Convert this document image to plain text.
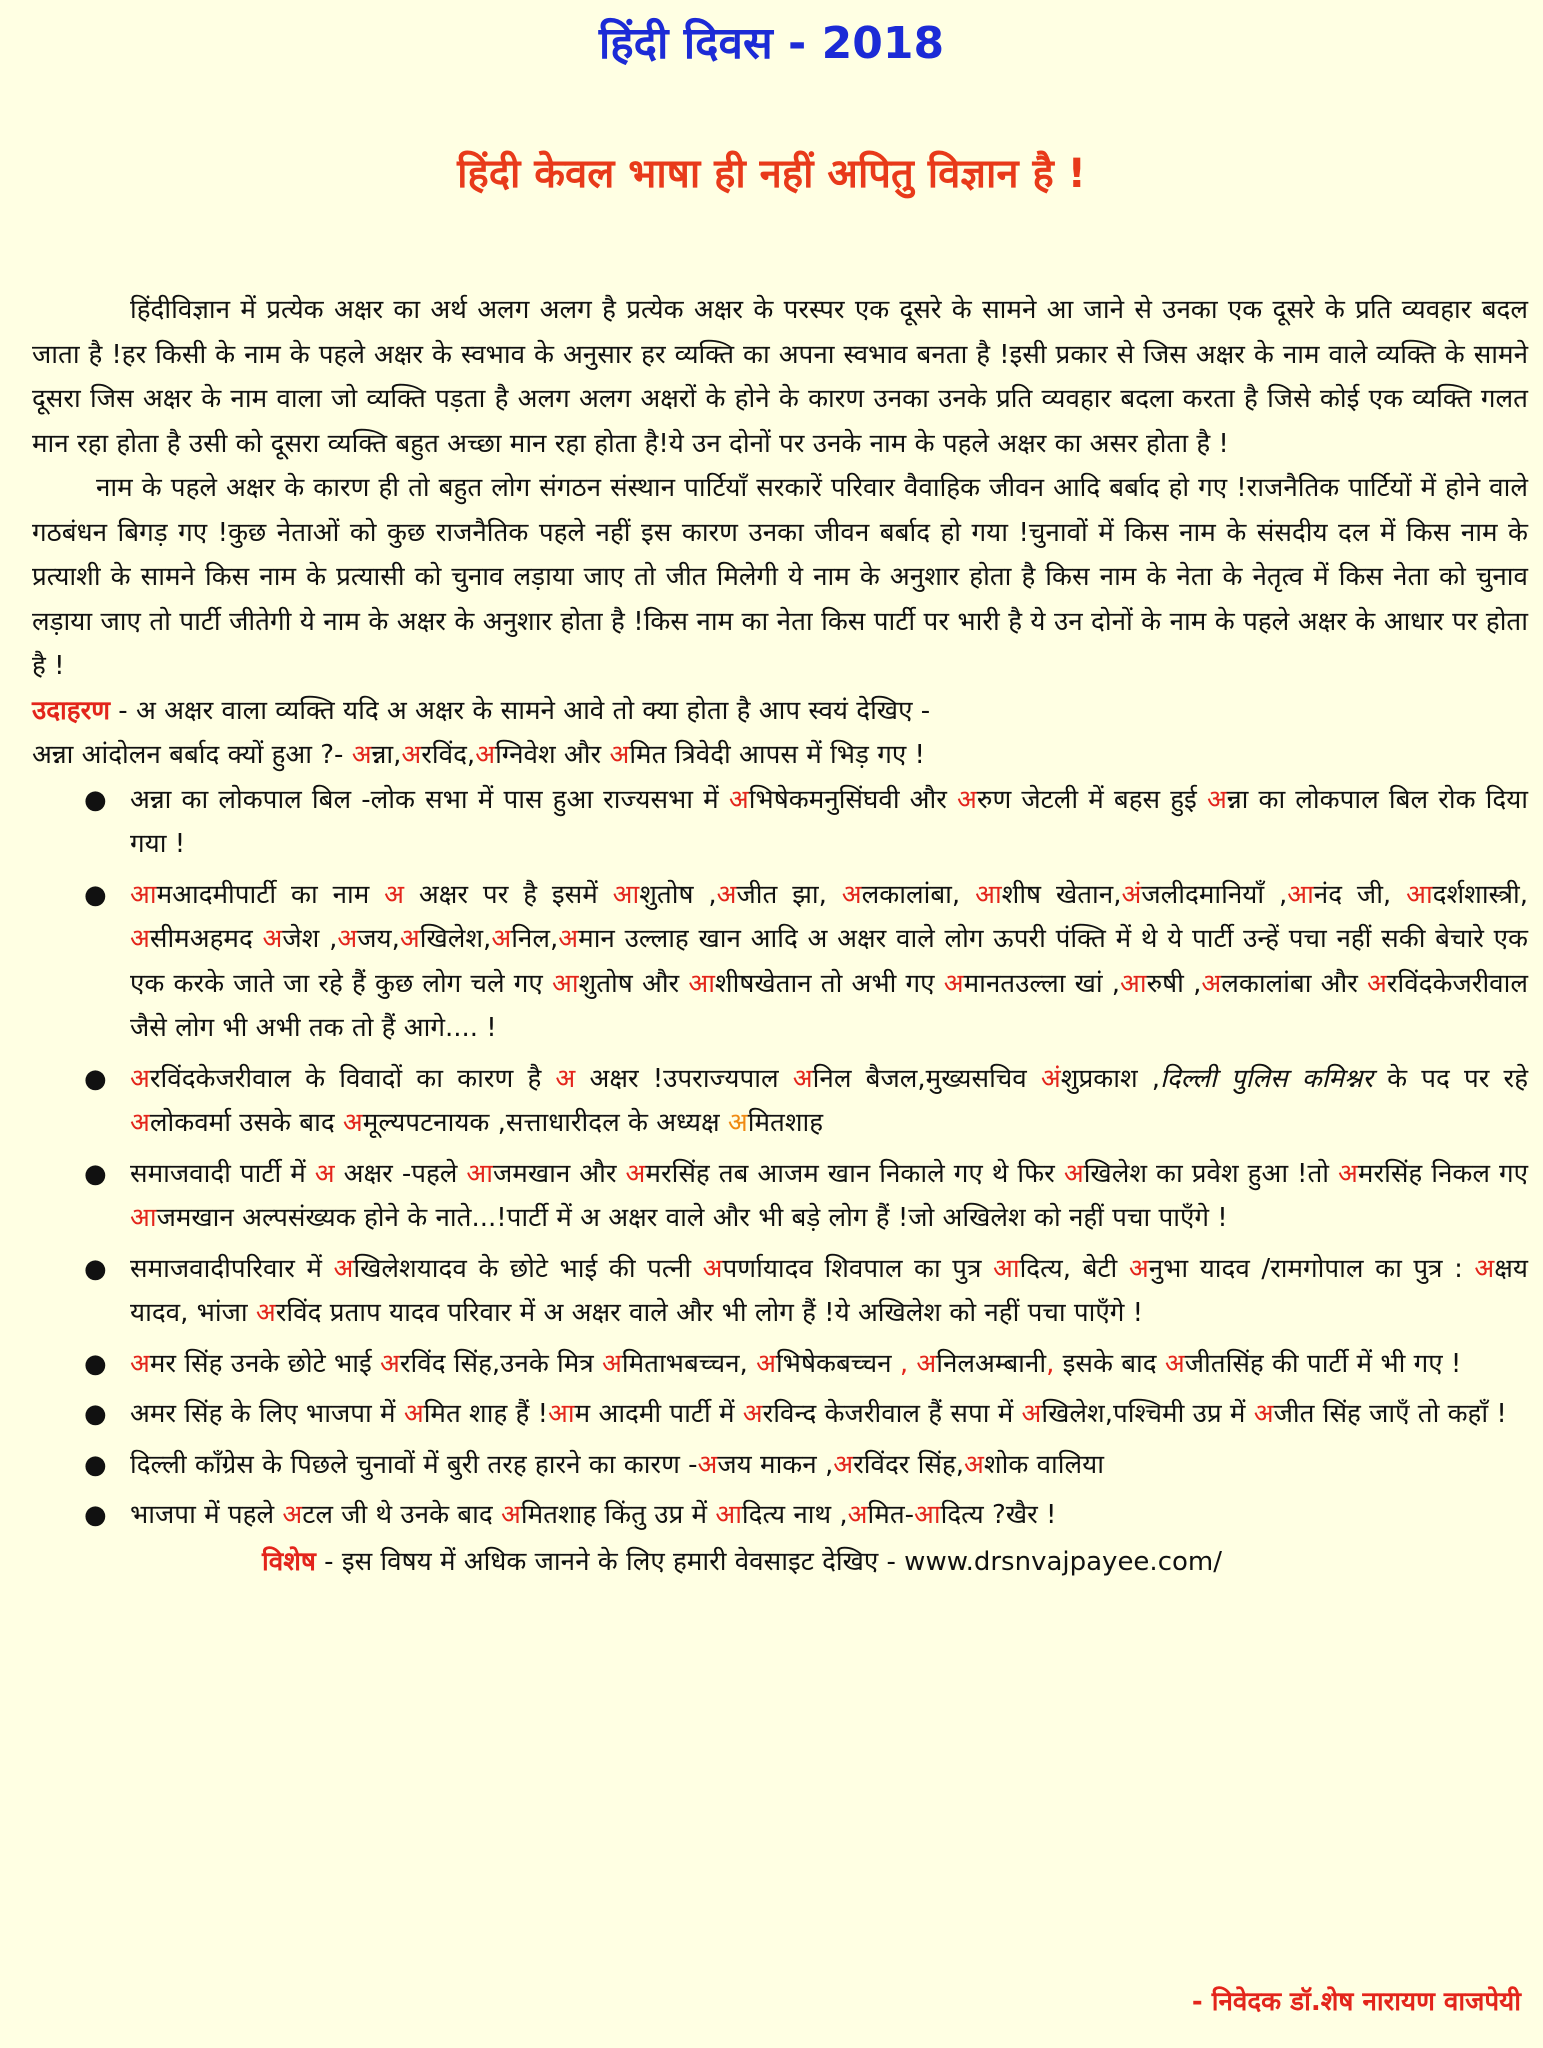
हिंदी दिवस - 2018
हिंदी केवल भाषा ही नहीं अपितु विज्ञान है !

हिंदीविज्ञान में प्रत्येक अक्षर का अर्थ अलग अलग है प्रत्येक अक्षर के परस्पर एक दूसरे के सामने आ जाने से उनका एक दूसरे के प्रति व्यवहार बदल जाता है !हर किसी के नाम के पहले अक्षर के स्वभाव के अनुसार हर व्यक्ति का अपना स्वभाव बनता है !इसी प्रकार से जिस अक्षर के नाम वाले व्यक्ति के सामने दूसरा जिस अक्षर के नाम वाला जो व्यक्ति पड़ता है अलग अलग अक्षरों के होने के कारण उनका उनके प्रति व्यवहार बदला करता है जिसे कोई एक व्यक्ति गलत मान रहा होता है उसी को दूसरा व्यक्ति बहुत अच्छा मान रहा होता है!ये उन दोनों पर उनके नाम के पहले अक्षर का असर होता है !

नाम के पहले अक्षर के कारण ही तो बहुत लोग संगठन संस्थान पार्टियाँ सरकारें परिवार वैवाहिक जीवन आदि बर्बाद हो गए !राजनैतिक पार्टियों में होने वाले गठबंधन बिगड़ गए !कुछ नेताओं को कुछ राजनैतिक पहले नहीं इस कारण उनका जीवन बर्बाद हो गया !चुनावों में किस नाम के संसदीय दल में किस नाम के प्रत्याशी के सामने किस नाम के प्रत्यासी को चुनाव लड़ाया जाए तो जीत मिलेगी ये नाम के अनुशार होता है किस नाम के नेता के नेतृत्व में किस नेता को चुनाव लड़ाया जाए तो पार्टी जीतेगी ये नाम के अक्षर के अनुशार होता है !किस नाम का नेता किस पार्टी पर भारी है ये उन दोनों के नाम के पहले अक्षर के आधार पर होता है !

उदाहरण - अ अक्षर वाला व्यक्ति यदि अ अक्षर के सामने आवे तो क्या होता है आप स्वयं देखिए -

अन्ना आंदोलन बर्बाद क्यों हुआ ?- अन्ना,अरविंद,अग्निवेश और अमित त्रिवेदी आपस में भिड़ गए !

● अन्ना का लोकपाल बिल -लोक सभा में पास हुआ राज्यसभा में अभिषेकमनुसिंघवी और अरुण जेटली में बहस हुई अन्ना का लोकपाल बिल रोक दिया गया !
● आमआदमीपार्टी का नाम अ अक्षर पर है इसमें आशुतोष ,अजीत झा, अलकालांबा, आशीष खेतान,अंजलीदमानियाँ ,आनंद जी, आदर्शशास्त्री, असीमअहमद अजेश ,अजय,अखिलेश,अनिल,अमान उल्लाह खान आदि अ अक्षर वाले लोग ऊपरी पंक्ति में थे ये पार्टी उन्हें पचा नहीं सकी बेचारे एक एक करके जाते जा रहे हैं कुछ लोग चले गए आशुतोष और आशीषखेतान तो अभी गए अमानतउल्ला खां ,आरुषी ,अलकालांबा और अरविंदकेजरीवाल जैसे लोग भी अभी तक तो हैं आगे.... !
● अरविंदकेजरीवाल के विवादों का कारण है अ अक्षर !उपराज्यपाल अनिल बैजल,मुख्यसचिव अंशुप्रकाश ,दिल्ली पुलिस कमिश्नर के पद पर रहे अलोकवर्मा उसके बाद अमूल्यपटनायक ,सत्ताधारीदल के अध्यक्ष अमितशाह
● समाजवादी पार्टी में अ अक्षर -पहले आजमखान और अमरसिंह तब आजम खान निकाले गए थे फिर अखिलेश का प्रवेश हुआ !तो अमरसिंह निकल गए आजमखान अल्पसंख्यक होने के नाते...!पार्टी में अ अक्षर वाले और भी बड़े लोग हैं !जो अखिलेश को नहीं पचा पाएँगे !
● समाजवादीपरिवार में अखिलेशयादव के छोटे भाई की पत्नी अपर्णायादव शिवपाल का पुत्र आदित्य, बेटी अनुभा यादव /रामगोपाल का पुत्र : अक्षय यादव, भांजा अरविंद प्रताप यादव परिवार में अ अक्षर वाले और भी लोग हैं !ये अखिलेश को नहीं पचा पाएँगे !
● अमर सिंह उनके छोटे भाई अरविंद सिंह,उनके मित्र अमिताभबच्चन, अभिषेकबच्चन , अनिलअम्बानी, इसके बाद अजीतसिंह की पार्टी में भी गए !
● अमर सिंह के लिए भाजपा में अमित शाह हैं !आम आदमी पार्टी में अरविन्द केजरीवाल हैं सपा में अखिलेश,पश्चिमी उप्र में अजीत सिंह जाएँ तो कहाँ !
● दिल्ली काँग्रेस के पिछले चुनावों में बुरी तरह हारने का कारण -अजय माकन ,अरविंदर सिंह,अशोक वालिया
● भाजपा में पहले अटल जी थे उनके बाद अमितशाह किंतु उप्र में आदित्य नाथ ,अमित-आदित्य ?खैर !

विशेष - इस विषय में अधिक जानने के लिए हमारी वेवसाइट देखिए - www.drsnvajpayee.com/

- निवेदक डॉ.शेष नारायण वाजपेयी
